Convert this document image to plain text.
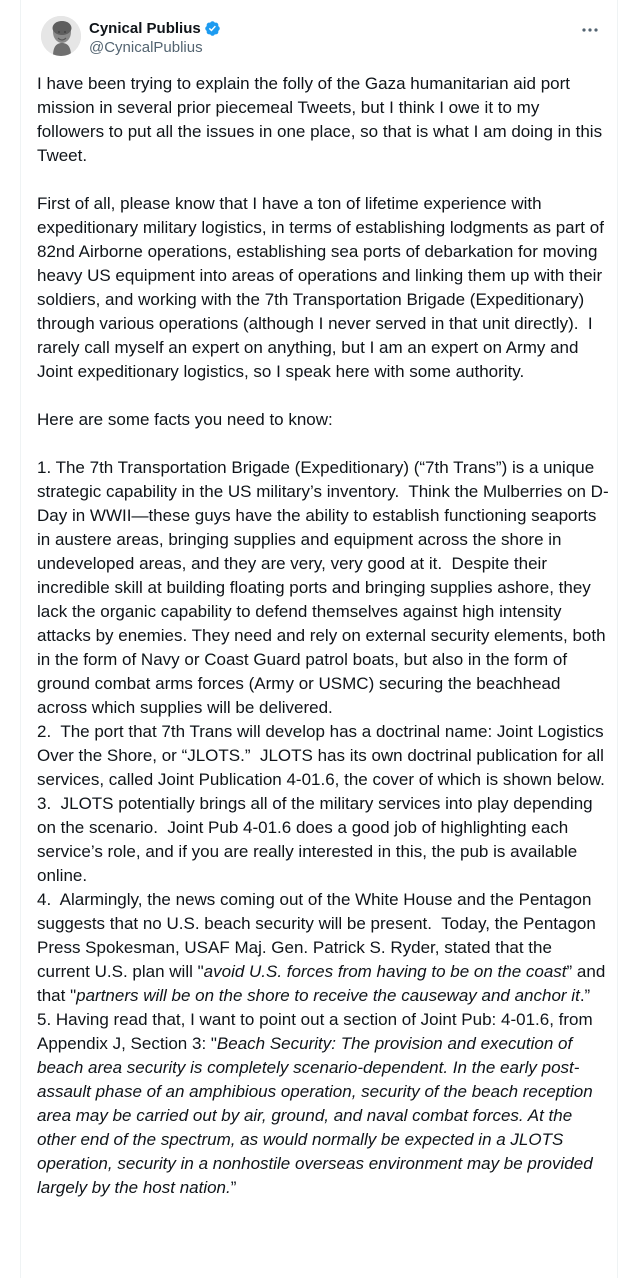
Cynical Publius
@CynicalPublius

I have been trying to explain the folly of the Gaza humanitarian aid port mission in several prior piecemeal Tweets, but I think I owe it to my followers to put all the issues in one place, so that is what I am doing in this Tweet.

First of all, please know that I have a ton of lifetime experience with expeditionary military logistics, in terms of establishing lodgments as part of 82nd Airborne operations, establishing sea ports of debarkation for moving heavy US equipment into areas of operations and linking them up with their soldiers, and working with the 7th Transportation Brigade (Expeditionary) through various operations (although I never served in that unit directly).  I rarely call myself an expert on anything, but I am an expert on Army and Joint expeditionary logistics, so I speak here with some authority.

Here are some facts you need to know:

1. The 7th Transportation Brigade (Expeditionary) (“7th Trans”) is a unique strategic capability in the US military’s inventory.  Think the Mulberries on D-Day in WWII—these guys have the ability to establish functioning seaports in austere areas, bringing supplies and equipment across the shore in undeveloped areas, and they are very, very good at it.  Despite their incredible skill at building floating ports and bringing supplies ashore, they lack the organic capability to defend themselves against high intensity attacks by enemies. They need and rely on external security elements, both in the form of Navy or Coast Guard patrol boats, but also in the form of ground combat arms forces (Army or USMC) securing the beachhead across which supplies will be delivered.

2.  The port that 7th Trans will develop has a doctrinal name: Joint Logistics Over the Shore, or “JLOTS.”  JLOTS has its own doctrinal publication for all services, called Joint Publication 4-01.6, the cover of which is shown below.

3.  JLOTS potentially brings all of the military services into play depending on the scenario.  Joint Pub 4-01.6 does a good job of highlighting each service’s role, and if you are really interested in this, the pub is available online.

4.  Alarmingly, the news coming out of the White House and the Pentagon suggests that no U.S. beach security will be present.  Today, the Pentagon Press Spokesman, USAF Maj. Gen. Patrick S. Ryder, stated that the current U.S. plan will "avoid U.S. forces from having to be on the coast” and that "partners will be on the shore to receive the causeway and anchor it.”

5. Having read that, I want to point out a section of Joint Pub: 4-01.6, from Appendix J, Section 3: "Beach Security: The provision and execution of beach area security is completely scenario-dependent. In the early post-assault phase of an amphibious operation, security of the beach reception area may be carried out by air, ground, and naval combat forces. At the other end of the spectrum, as would normally be expected in a JLOTS operation, security in a nonhostile overseas environment may be provided largely by the host nation.”
